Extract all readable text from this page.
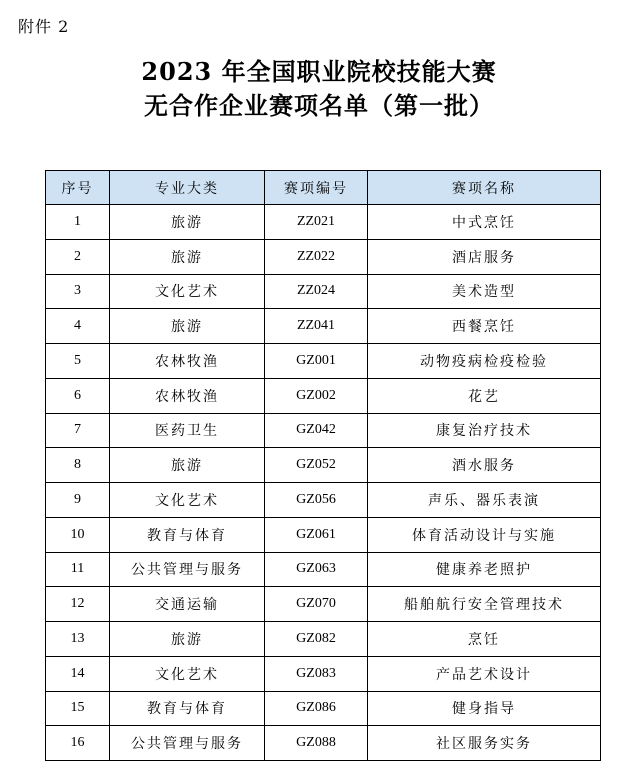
附件 2
2023 年全国职业院校技能大赛
无合作企业赛项名单（第一批）
序号	专业大类	赛项编号	赛项名称
1	旅游	ZZ021	中式烹饪
2	旅游	ZZ022	酒店服务
3	文化艺术	ZZ024	美术造型
4	旅游	ZZ041	西餐烹饪
5	农林牧渔	GZ001	动物疫病检疫检验
6	农林牧渔	GZ002	花艺
7	医药卫生	GZ042	康复治疗技术
8	旅游	GZ052	酒水服务
9	文化艺术	GZ056	声乐、器乐表演
10	教育与体育	GZ061	体育活动设计与实施
11	公共管理与服务	GZ063	健康养老照护
12	交通运输	GZ070	船舶航行安全管理技术
13	旅游	GZ082	烹饪
14	文化艺术	GZ083	产品艺术设计
15	教育与体育	GZ086	健身指导
16	公共管理与服务	GZ088	社区服务实务
